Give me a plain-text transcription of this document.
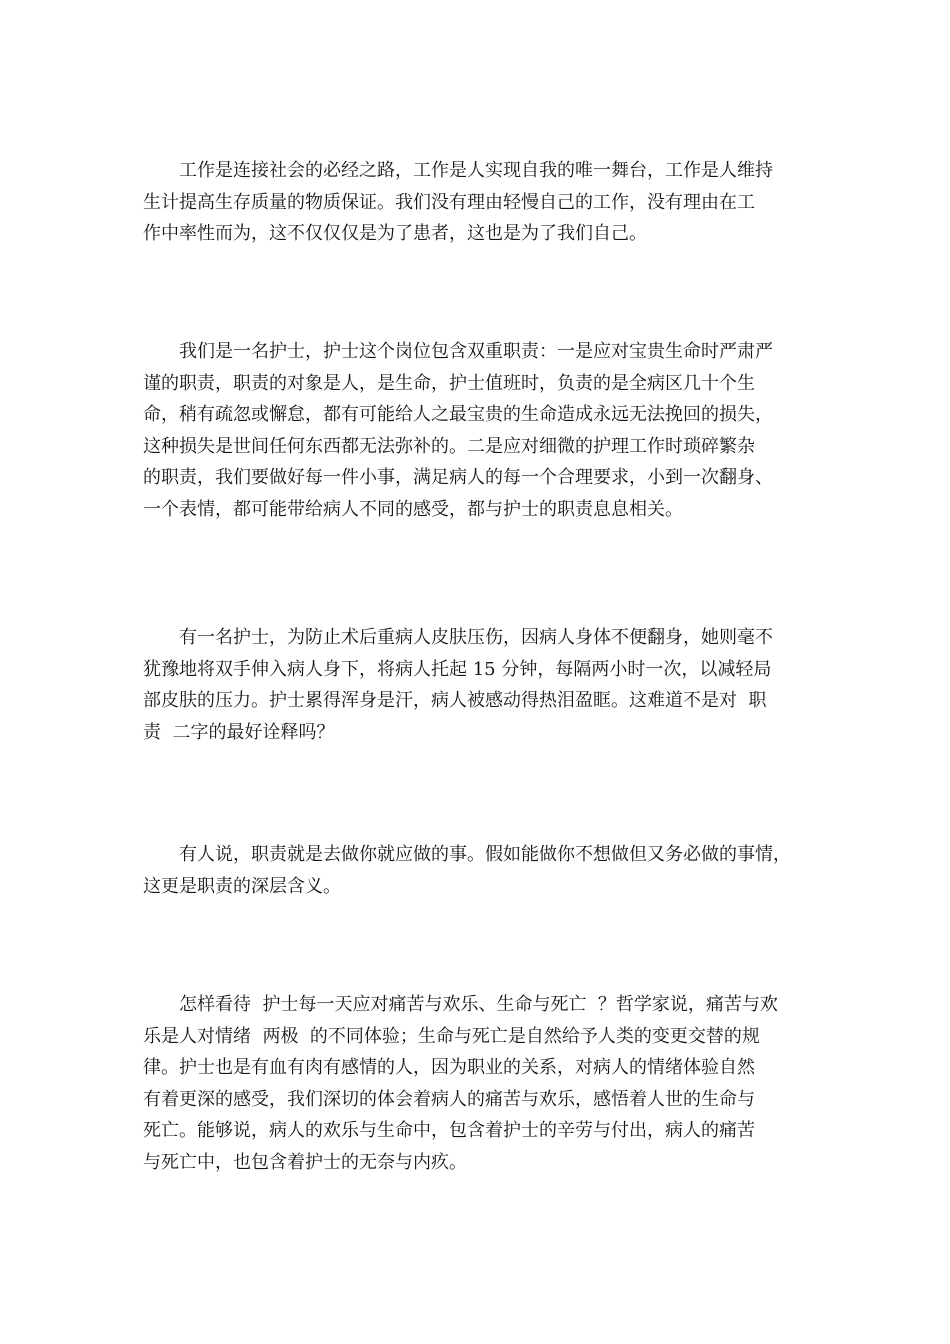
　　工作是连接社会的必经之路，工作是人实现自我的唯一舞台，工作是人维持
生计提高生存质量的物质保证。我们没有理由轻慢自己的工作，没有理由在工
作中率性而为，这不仅仅仅是为了患者，这也是为了我们自己。
　　我们是一名护士，护士这个岗位包含双重职责：一是应对宝贵生命时严肃严
谨的职责，职责的对象是人，是生命，护士值班时，负责的是全病区几十个生
命，稍有疏忽或懈怠，都有可能给人之最宝贵的生命造成永远无法挽回的损失，
这种损失是世间任何东西都无法弥补的。二是应对细微的护理工作时琐碎繁杂
的职责，我们要做好每一件小事，满足病人的每一个合理要求，小到一次翻身、
一个表情，都可能带给病人不同的感受，都与护士的职责息息相关。
　　有一名护士，为防止术后重病人皮肤压伤，因病人身体不便翻身，她则毫不
犹豫地将双手伸入病人身下，将病人托起 15 分钟，每隔两小时一次，以减轻局
部皮肤的压力。护士累得浑身是汗，病人被感动得热泪盈眶。这难道不是对  职
责  二字的最好诠释吗？
　　有人说，职责就是去做你就应做的事。假如能做你不想做但又务必做的事情，
这更是职责的深层含义。
　　怎样看待  护士每一天应对痛苦与欢乐、生命与死亡  ？哲学家说，痛苦与欢
乐是人对情绪  两极  的不同体验；生命与死亡是自然给予人类的变更交替的规
律。护士也是有血有肉有感情的人，因为职业的关系，对病人的情绪体验自然
有着更深的感受，我们深切的体会着病人的痛苦与欢乐，感悟着人世的生命与
死亡。能够说，病人的欢乐与生命中，包含着护士的辛劳与付出，病人的痛苦
与死亡中，也包含着护士的无奈与内疚。
